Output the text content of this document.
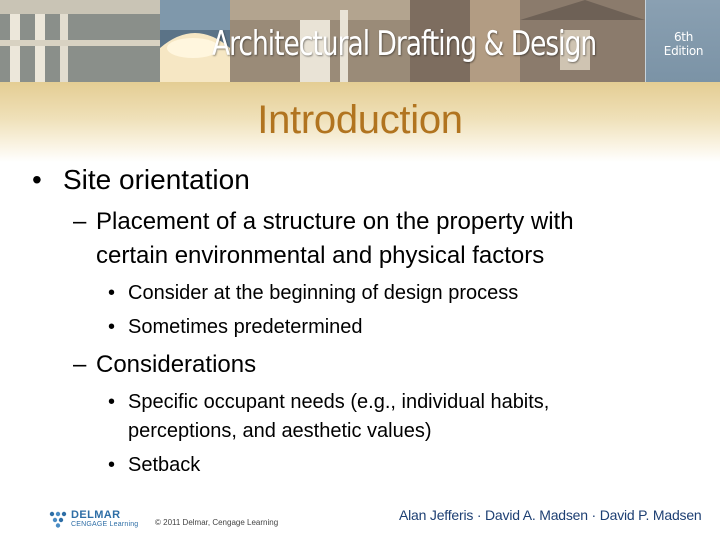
Architectural Drafting & Design	6th
Edition
Introduction
• Site orientation
– Placement of a structure on the property with
certain environmental and physical factors
• Consider at the beginning of design process
• Sometimes predetermined
– Considerations
• Specific occupant needs (e.g., individual habits,
perceptions, and aesthetic values)
• Setback
DELMAR
CENGAGE Learning © 2011 Delmar, Cengage Learning	Alan Jefferis · David A. Madsen · David P. Madsen
